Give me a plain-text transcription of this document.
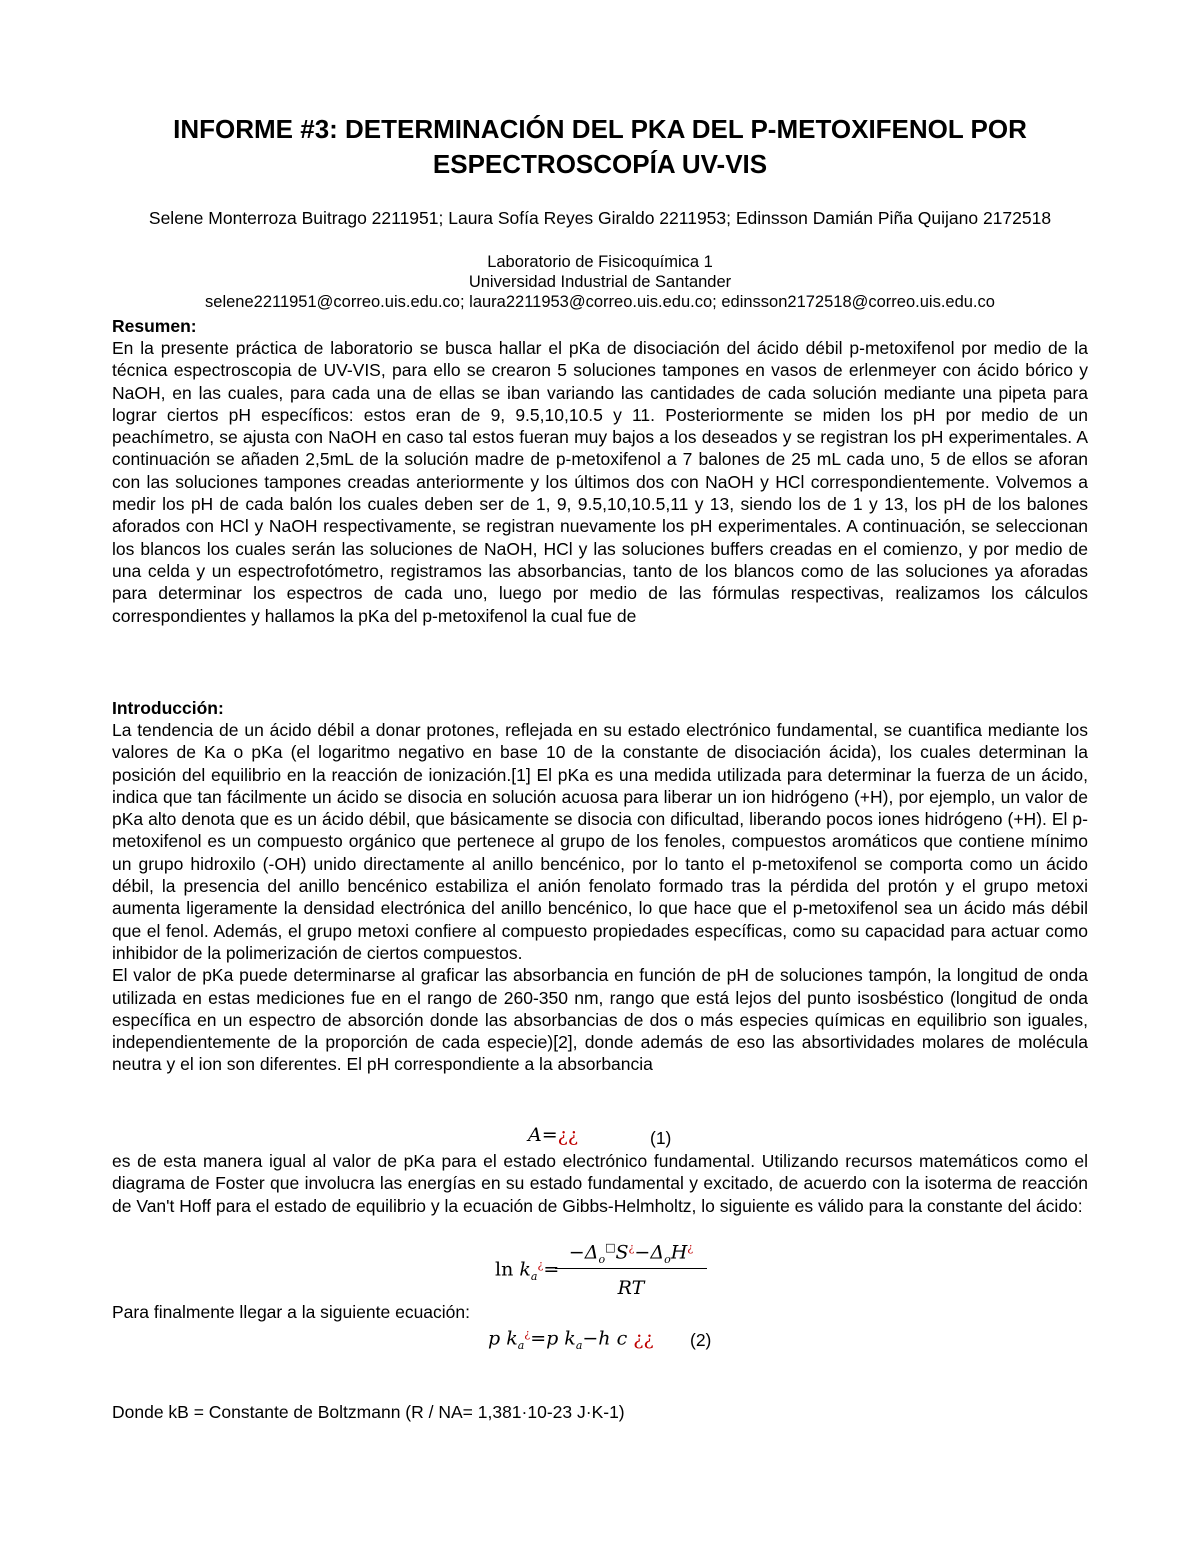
INFORME #3: DETERMINACIÓN DEL PKA DEL P-METOXIFENOL POR ESPECTROSCOPÍA UV-VIS
Selene Monterroza Buitrago 2211951; Laura Sofía Reyes Giraldo 2211953; Edinsson Damián Piña Quijano 2172518
Laboratorio de Fisicoquímica 1
Universidad Industrial de Santander
selene2211951@correo.uis.edu.co; laura2211953@correo.uis.edu.co; edinsson2172518@correo.uis.edu.co
Resumen:

En la presente práctica de laboratorio se busca hallar el pKa de disociación del ácido débil p-metoxifenol por medio de la técnica espectroscopia de UV-VIS, para ello se crearon 5 soluciones tampones en vasos de erlenmeyer con ácido bórico y NaOH, en las cuales, para cada una de ellas se iban variando las cantidades de cada solución mediante una pipeta para lograr ciertos pH específicos: estos eran de 9, 9.5,10,10.5 y 11. Posteriormente se miden los pH por medio de un peachímetro, se ajusta con NaOH en caso tal estos fueran muy bajos a los deseados y se registran los pH experimentales. A continuación se añaden 2,5mL de la solución madre de p-metoxifenol a 7 balones de 25 mL cada uno, 5 de ellos se aforan con las soluciones tampones creadas anteriormente y los últimos dos con NaOH y HCl correspondientemente. Volvemos a medir los pH de cada balón los cuales deben ser de 1, 9, 9.5,10,10.5,11 y 13, siendo los de 1 y 13, los pH de los balones aforados con HCl y NaOH respectivamente, se registran nuevamente los pH experimentales. A continuación, se seleccionan los blancos los cuales serán las soluciones de NaOH, HCl y las soluciones buffers creadas en el comienzo, y por medio de una celda y un espectrofotómetro, registramos las absorbancias, tanto de los blancos como de las soluciones ya aforadas para determinar los espectros de cada uno, luego por medio de las fórmulas respectivas, realizamos los cálculos correspondientes y hallamos la pKa del p-metoxifenol la cual fue de

Introducción:

La tendencia de un ácido débil a donar protones, reflejada en su estado electrónico fundamental, se cuantifica mediante los valores de Ka o pKa (el logaritmo negativo en base 10 de la constante de disociación ácida), los cuales determinan la posición del equilibrio en la reacción de ionización.[1] El pKa es una medida utilizada para determinar la fuerza de un ácido, indica que tan fácilmente un ácido se disocia en solución acuosa para liberar un ion hidrógeno (+H), por ejemplo, un valor de pKa alto denota que es un ácido débil, que básicamente se disocia con dificultad, liberando pocos iones hidrógeno (+H). El p-metoxifenol es un compuesto orgánico que pertenece al grupo de los fenoles, compuestos aromáticos que contiene mínimo un grupo hidroxilo (-OH) unido directamente al anillo bencénico, por lo tanto el p-metoxifenol se comporta como un ácido débil, la presencia del anillo bencénico estabiliza el anión fenolato formado tras la pérdida del protón y el grupo metoxi aumenta ligeramente la densidad electrónica del anillo bencénico, lo que hace que el p-metoxifenol sea un ácido más débil que el fenol. Además, el grupo metoxi confiere al compuesto propiedades específicas, como su capacidad para actuar como inhibidor de la polimerización de ciertos compuestos.

El valor de pKa puede determinarse al graficar las absorbancia en función de pH de soluciones tampón, la longitud de onda utilizada en estas mediciones fue en el rango de 260-350 nm, rango que está lejos del punto isosbéstico (longitud de onda específica en un espectro de absorción donde las absorbancias de dos o más especies químicas en equilibrio son iguales, independientemente de la proporción de cada especie)[2], donde además de eso las absortividades molares de molécula neutra y el ion son diferentes. El pH correspondiente a la absorbancia

A=¿¿	(1)

es de esta manera igual al valor de pKa para el estado electrónico fundamental. Utilizando recursos matemáticos como el diagrama de Foster que involucra las energías en su estado fundamental y excitado, de acuerdo con la isoterma de reacción de Van't Hoff para el estado de equilibrio y la ecuación de Gibbs-Helmholtz, lo siguiente es válido para la constante del ácido:

$\ln k_a^¿=$
$-\Delta_o^□S^¿-\Delta_oH^¿$
RT
Para finalmente llegar a la siguiente ecuación:
p $k_a^¿=p$ $k_a-h$ c ¿¿ (2)
Donde kB = Constante de Boltzmann (R / NA= 1,381·10-23 J·K-1)
